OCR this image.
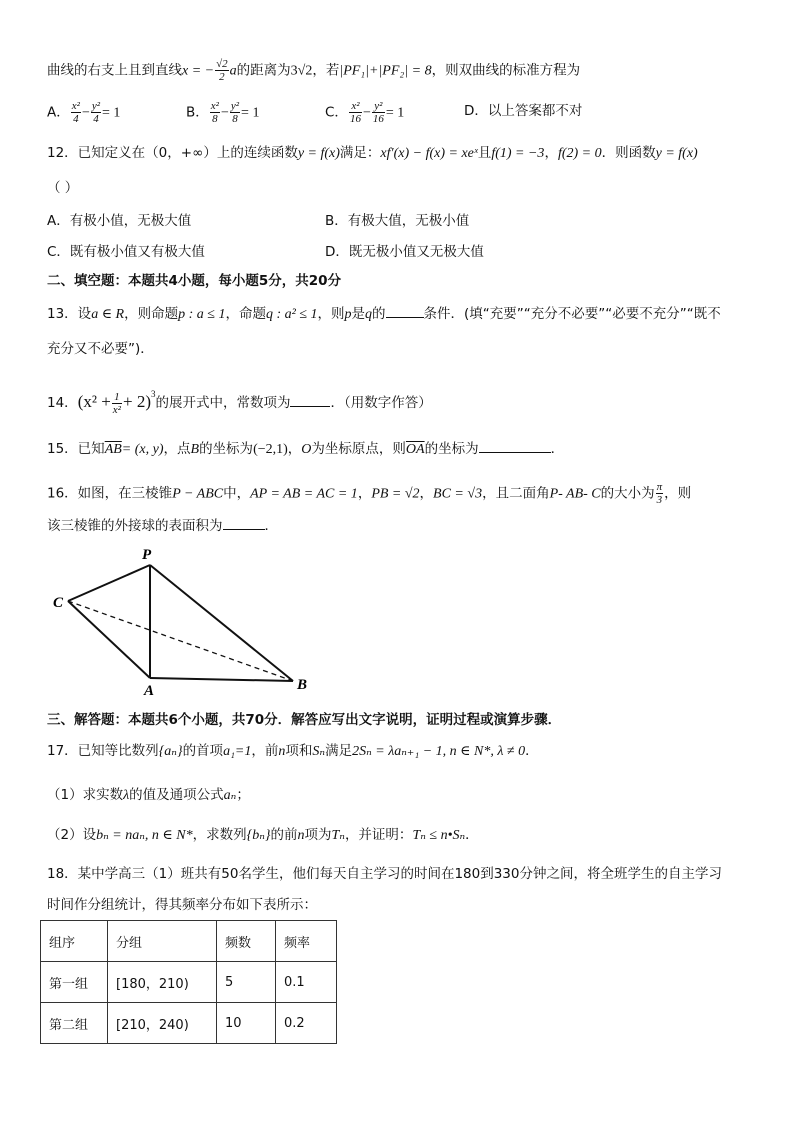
曲线的右支上且到直线x = − $\frac{√2}{2}$ a的距离为3√2，若|PF₁|+|PF₂| = 8，则双曲线的标准方程为
A． $\frac{\text{x²}}{4} - \frac{\text{y²}}{4} = 1$	B． $\frac{\text{x²}}{8} - \frac{\text{y²}}{8} = 1$	C． $\frac{\text{x²}}{16} - \frac{\text{y²}}{16} = 1$	D．以上答案都不对
12．已知定义在（0，+∞）上的连续函数y = f(x)满足：xf′(x) − f(x) = xeˣ且f(1) = −3，f(2) = 0．则函数y = f(x)
（ ）
A．有极小值，无极大值	B．有极大值，无极小值
C．既有极小值又有极大值	D．既无极小值又无极大值
二、填空题：本题共4小题，每小题5分，共20分
13．设a ∈ R，则命题p : a ≤ 1，命题q : a² ≤ 1，则p是q的	条件．(填“充要”“充分不必要”“必要不充分”“既不
充分又不必要”)．
14．$(x^2 + \frac{1}{\text{x²}} + 2)^3$的展开式中，常数项为	．（用数字作答）
15．已知$\overline{AB}= (x$, y)，点B的坐标为(−2,1)，O为坐标原点，则$\overline{OA}$的坐标为	．
16．如图，在三棱锥P − ABC中，AP = AB = AC = 1，PB = √2，BC = √3，且二面角P- AB- C的大小为 $\frac{\pi}{3}$ ，则
该三棱锥的外接球的表面积为	．
P
C
A	B
三、解答题：本题共6个小题，共70分．解答应写出文字说明，证明过程或演算步骤．
17．已知等比数列{aₙ}的首项a₁=1，前n项和Sₙ满足2Sₙ = λaₙ₊₁ − 1, n ∈ N*, λ ≠ 0．
（1）求实数λ的值及通项公式aₙ；
（2）设bₙ = naₙ, n ∈ N*，求数列{bₙ}的前n项为Tₙ，并证明：Tₙ ≤ n•Sₙ．
18．某中学高三（1）班共有50名学生，他们每天自主学习的时间在180到330分钟之间，将全班学生的自主学习
时间作分组统计，得其频率分布如下表所示：
组序	分组	频数	频率
第一组	[180，210)	5	0.1
第二组	[210，240)	10	0.2
